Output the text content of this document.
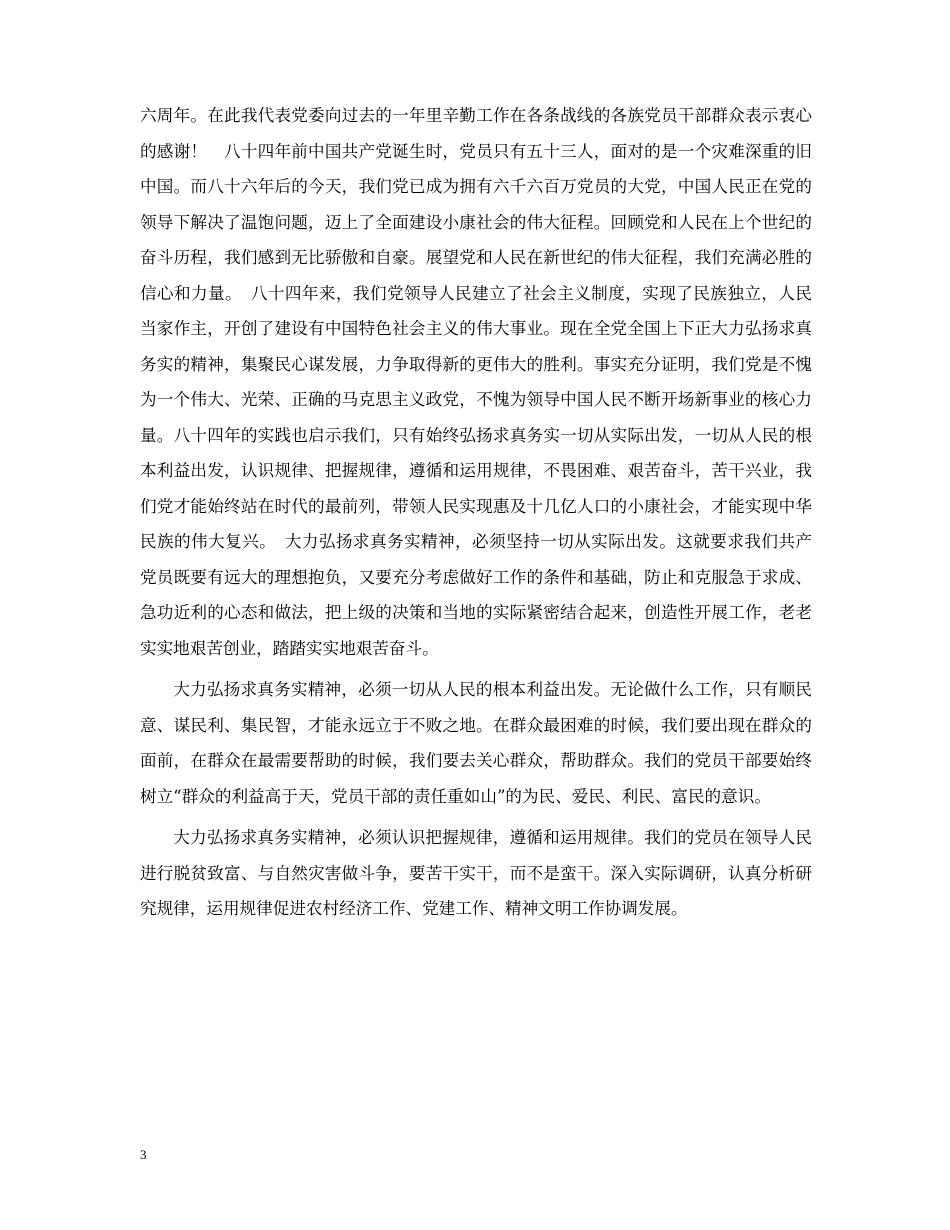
六周年。在此我代表党委向过去的一年里辛勤工作在各条战线的各族党员干部群众表示衷心的感谢！　八十四年前中国共产党诞生时，党员只有五十三人，面对的是一个灾难深重的旧中国。而八十六年后的今天，我们党已成为拥有六千六百万党员的大党，中国人民正在党的领导下解决了温饱问题，迈上了全面建设小康社会的伟大征程。回顾党和人民在上个世纪的奋斗历程，我们感到无比骄傲和自豪。展望党和人民在新世纪的伟大征程，我们充满必胜的信心和力量。　八十四年来，我们党领导人民建立了社会主义制度，实现了民族独立，人民当家作主，开创了建设有中国特色社会主义的伟大事业。现在全党全国上下正大力弘扬求真务实的精神，集聚民心谋发展，力争取得新的更伟大的胜利。事实充分证明，我们党是不愧为一个伟大、光荣、正确的马克思主义政党，不愧为领导中国人民不断开场新事业的核心力量。八十四年的实践也启示我们，只有始终弘扬求真务实一切从实际出发，一切从人民的根本利益出发，认识规律、把握规律，遵循和运用规律，不畏困难、艰苦奋斗，苦干兴业，我们党才能始终站在时代的最前列，带领人民实现惠及十几亿人口的小康社会，才能实现中华民族的伟大复兴。　大力弘扬求真务实精神，必须坚持一切从实际出发。这就要求我们共产党员既要有远大的理想抱负，又要充分考虑做好工作的条件和基础，防止和克服急于求成、急功近利的心态和做法，把上级的决策和当地的实际紧密结合起来，创造性开展工作，老老实实地艰苦创业，踏踏实实地艰苦奋斗。

大力弘扬求真务实精神，必须一切从人民的根本利益出发。无论做什么工作，只有顺民意、谋民利、集民智，才能永远立于不败之地。在群众最困难的时候，我们要出现在群众的面前，在群众在最需要帮助的时候，我们要去关心群众，帮助群众。我们的党员干部要始终树立“群众的利益高于天，党员干部的责任重如山”的为民、爱民、利民、富民的意识。

大力弘扬求真务实精神，必须认识把握规律，遵循和运用规律。我们的党员在领导人民进行脱贫致富、与自然灾害做斗争，要苦干实干，而不是蛮干。深入实际调研，认真分析研究规律，运用规律促进农村经济工作、党建工作、精神文明工作协调发展。

3
